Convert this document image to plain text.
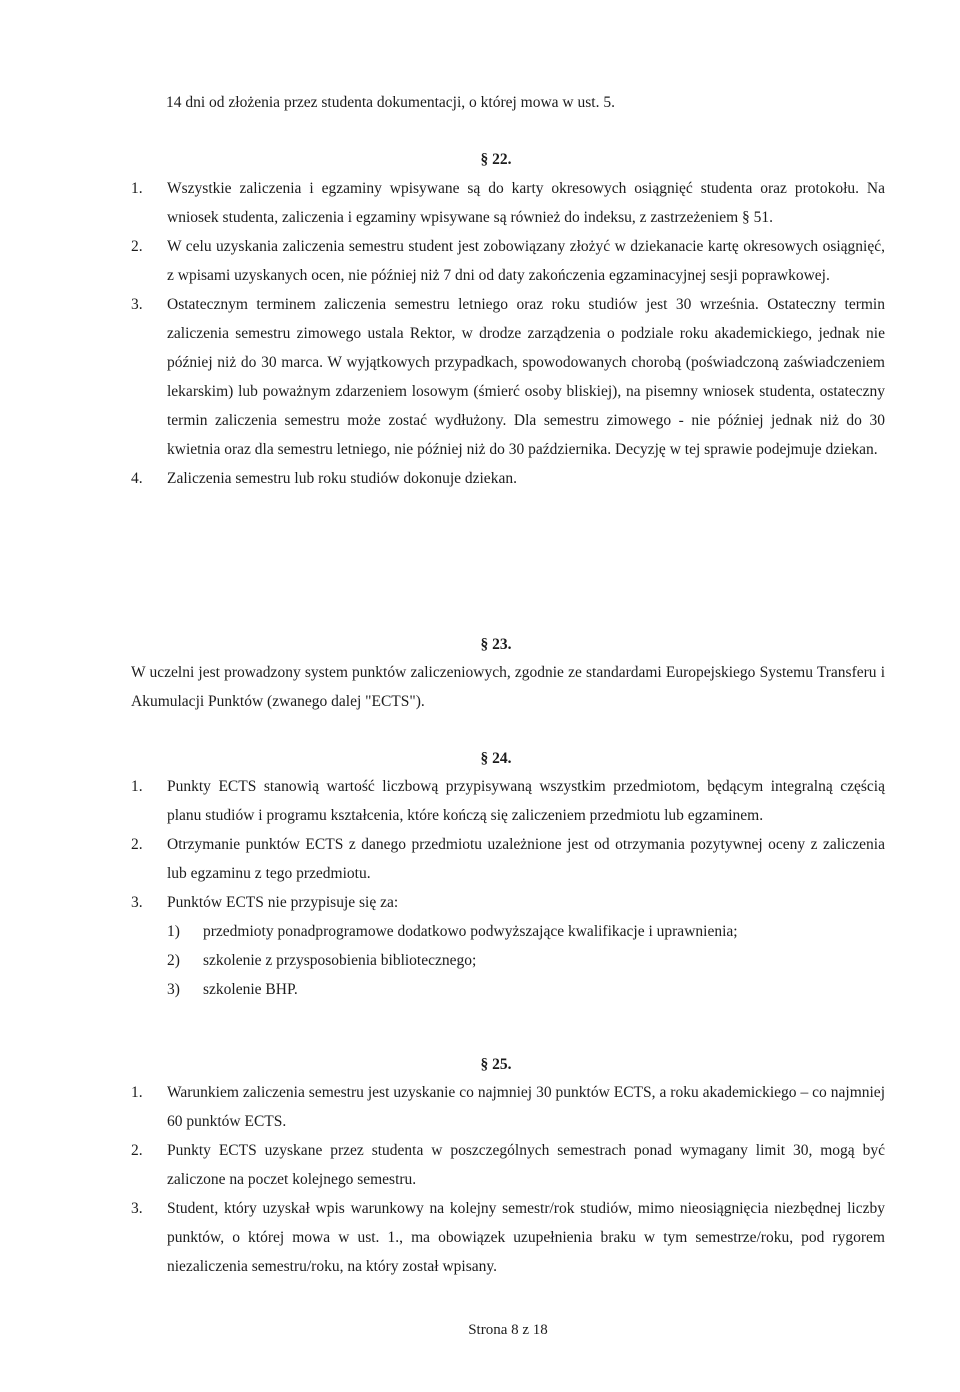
14 dni od złożenia przez studenta dokumentacji, o której mowa w ust. 5.

§ 22.
1. Wszystkie zaliczenia i egzaminy wpisywane są do karty okresowych osiągnięć studenta oraz protokołu. Na wniosek studenta, zaliczenia i egzaminy wpisywane są również do indeksu, z zastrzeżeniem § 51.
2. W celu uzyskania zaliczenia semestru student jest zobowiązany złożyć w dziekanacie kartę okresowych osiągnięć, z wpisami uzyskanych ocen, nie później niż 7 dni od daty zakończenia egzaminacyjnej sesji poprawkowej.
3. Ostatecznym terminem zaliczenia semestru letniego oraz roku studiów jest 30 września. Ostateczny termin zaliczenia semestru zimowego ustala Rektor, w drodze zarządzenia o podziale roku akademickiego, jednak nie później niż do 30 marca. W wyjątkowych przypadkach, spowodowanych chorobą (poświadczoną zaświadczeniem lekarskim) lub poważnym zdarzeniem losowym (śmierć osoby bliskiej), na pisemny wniosek studenta, ostateczny termin zaliczenia semestru może zostać wydłużony. Dla semestru zimowego - nie później jednak niż do 30 kwietnia oraz dla semestru letniego, nie później niż do 30 października. Decyzję w tej sprawie podejmuje dziekan.
4. Zaliczenia semestru lub roku studiów dokonuje dziekan.
§ 23.

W uczelni jest prowadzony system punktów zaliczeniowych, zgodnie ze standardami Europejskiego Systemu Transferu i Akumulacji Punktów (zwanego dalej "ECTS").

§ 24.
1. Punkty ECTS stanowią wartość liczbową przypisywaną wszystkim przedmiotom, będącym integralną częścią planu studiów i programu kształcenia, które kończą się zaliczeniem przedmiotu lub egzaminem.
2. Otrzymanie punktów ECTS z danego przedmiotu uzależnione jest od otrzymania pozytywnej oceny z zaliczenia lub egzaminu z tego przedmiotu.
3. Punktów ECTS nie przypisuje się za:
1) przedmioty ponadprogramowe dodatkowo podwyższające kwalifikacje i uprawnienia;
2) szkolenie z przysposobienia bibliotecznego;
3) szkolenie BHP.
§ 25.
1. Warunkiem zaliczenia semestru jest uzyskanie co najmniej 30 punktów ECTS, a roku akademickiego – co najmniej 60 punktów ECTS.
2. Punkty ECTS uzyskane przez studenta w poszczególnych semestrach ponad wymagany limit 30, mogą być zaliczone na poczet kolejnego semestru.
3. Student, który uzyskał wpis warunkowy na kolejny semestr/rok studiów, mimo nieosiągnięcia niezbędnej liczby punktów, o której mowa w ust. 1., ma obowiązek uzupełnienia braku w tym semestrze/roku, pod rygorem niezaliczenia semestru/roku, na który został wpisany.
Strona 8 z 18
